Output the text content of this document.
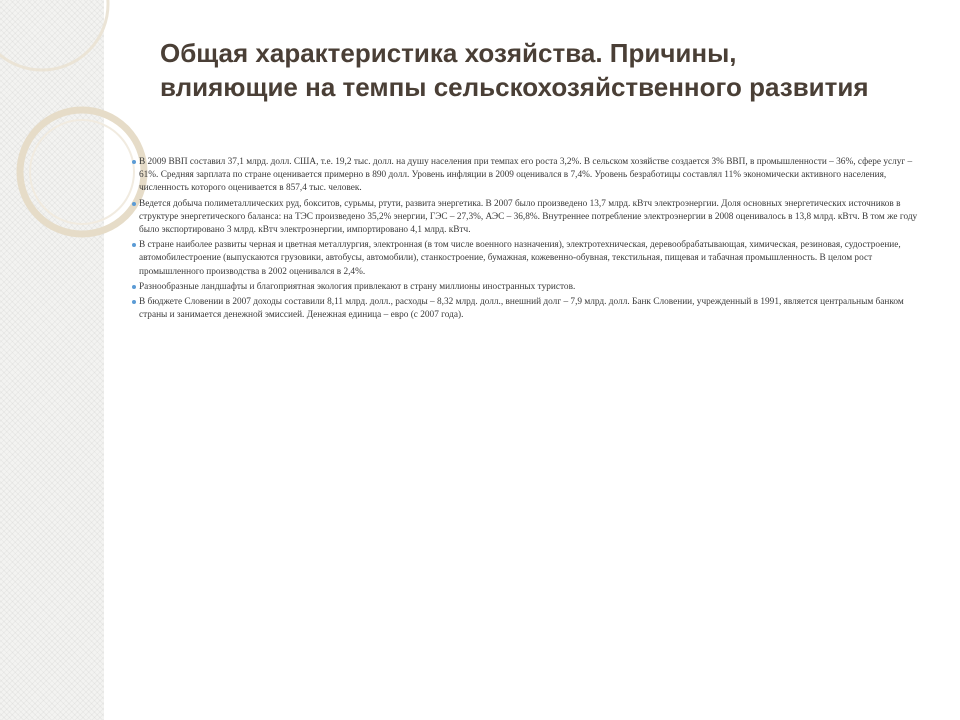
Общая характеристика хозяйства. Причины, влияющие на темпы сельскохозяйственного развития
В 2009 ВВП составил 37,1 млрд. долл. США, т.е. 19,2 тыс. долл. на душу населения при темпах его роста 3,2%. В сельском хозяйстве создается 3% ВВП, в промышленности – 36%, сфере услуг – 61%. Средняя зарплата по стране оценивается примерно в 890 долл. Уровень инфляции в 2009 оценивался в 7,4%. Уровень безработицы составлял 11% экономически активного населения, численность которого оценивается в 857,4 тыс. человек.
Ведется добыча полиметаллических руд, бокситов, сурьмы, ртути, развита энергетика. В 2007 было произведено 13,7 млрд. кВтч электроэнергии. Доля основных энергетических источников в структуре энергетического баланса: на ТЭС произведено 35,2% энергии, ГЭС – 27,3%, АЭС – 36,8%. Внутреннее потребление электроэнергии в 2008 оценивалось в 13,8 млрд. кВтч. В том же году было экспортировано 3 млрд. кВтч электроэнергии, импортировано 4,1 млрд. кВтч.
В стране наиболее развиты черная и цветная металлургия, электронная (в том числе военного назначения), электротехническая, деревообрабатывающая, химическая, резиновая, судостроение, автомобилестроение (выпускаются грузовики, автобусы, автомобили), станкостроение, бумажная, кожевенно-обувная, текстильная, пищевая и табачная промышленность. В целом рост промышленного производства в 2002 оценивался в 2,4%.
Разнообразные ландшафты и благоприятная экология привлекают в страну миллионы иностранных туристов.
В бюджете Словении в 2007 доходы составили 8,11 млрд. долл., расходы – 8,32 млрд. долл., внешний долг – 7,9 млрд. долл. Банк Словении, учрежденный в 1991, является центральным банком страны и занимается денежной эмиссией. Денежная единица – евро (с 2007 года).
